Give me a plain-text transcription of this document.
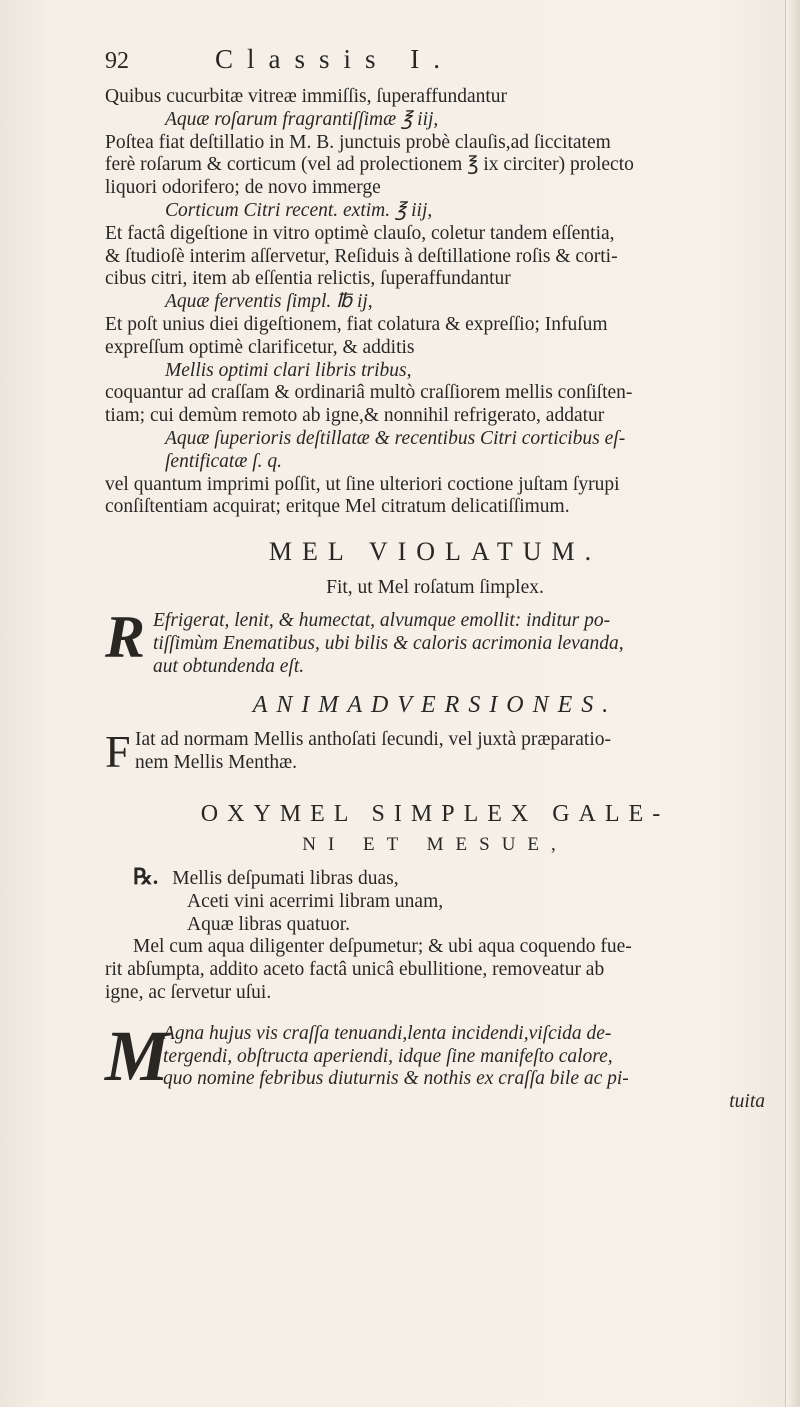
92	Classis I.
Quibus cucurbitæ vitreæ immiſſis, ſuperaffundantur
Aquæ roſarum fragrantiſſimæ ℥ iij,
Poſtea fiat deſtillatio in M. B. junctuis probè clauſis,ad ſiccitatem
ferè roſarum & corticum (vel ad prolectionem ℥ ix circiter) prolecto
liquori odorifero; de novo immerge
Corticum Citri recent. extim. ℥ iij,
Et factâ digeſtione in vitro optimè clauſo, coletur tandem eſſentia,
& ſtudioſè interim aſſervetur, Reſiduis à deſtillatione roſis & corti-
cibus citri, item ab eſſentia relictis, ſuperaffundantur
Aquæ ferventis ſimpl. ℔ ij,
Et poſt unius diei digeſtionem, fiat colatura & expreſſio; Infuſum
expreſſum optimè clarificetur, & additis
Mellis optimi clari libris tribus,
coquantur ad craſſam & ordinariâ multò craſſiorem mellis conſiſten-
tiam; cui demùm remoto ab igne,& nonnihil refrigerato, addatur
Aquæ ſuperioris deſtillatæ & recentibus Citri corticibus eſ-
ſentificatæ ſ. q.
vel quantum imprimi poſſit, ut ſine ulteriori coctione juſtam ſyrupi
conſiſtentiam acquirat; eritque Mel citratum delicatiſſimum.
MEL VIOLATUM.
Fit, ut Mel roſatum ſimplex.
R Efrigerat, lenit, & humectat, alvumque emollit: inditur po-
tiſſimùm Enematibus, ubi bilis & caloris acrimonia levanda,
aut obtundenda eſt.
ANIMADVERSIONES.
F Iat ad normam Mellis anthoſati ſecundi, vel juxtà præparatio-
nem Mellis Menthæ.
OXYMEL SIMPLEX GALE-
NI ET MESUE,
℞. Mellis deſpumati libras duas,
Aceti vini acerrimi libram unam,
Aquæ libras quatuor.
Mel cum aqua diligenter deſpumetur; & ubi aqua coquendo fue-
rit abſumpta, addito aceto factâ unicâ ebullitione, removeatur ab
igne, ac ſervetur uſui.
M
Agna hujus vis craſſa tenuandi,lenta incidendi,viſcida de-
tergendi, obſtructa aperiendi, idque ſine manifeſto calore,
quo nomine febribus diuturnis & nothis ex craſſa bile ac pi-
tuita
